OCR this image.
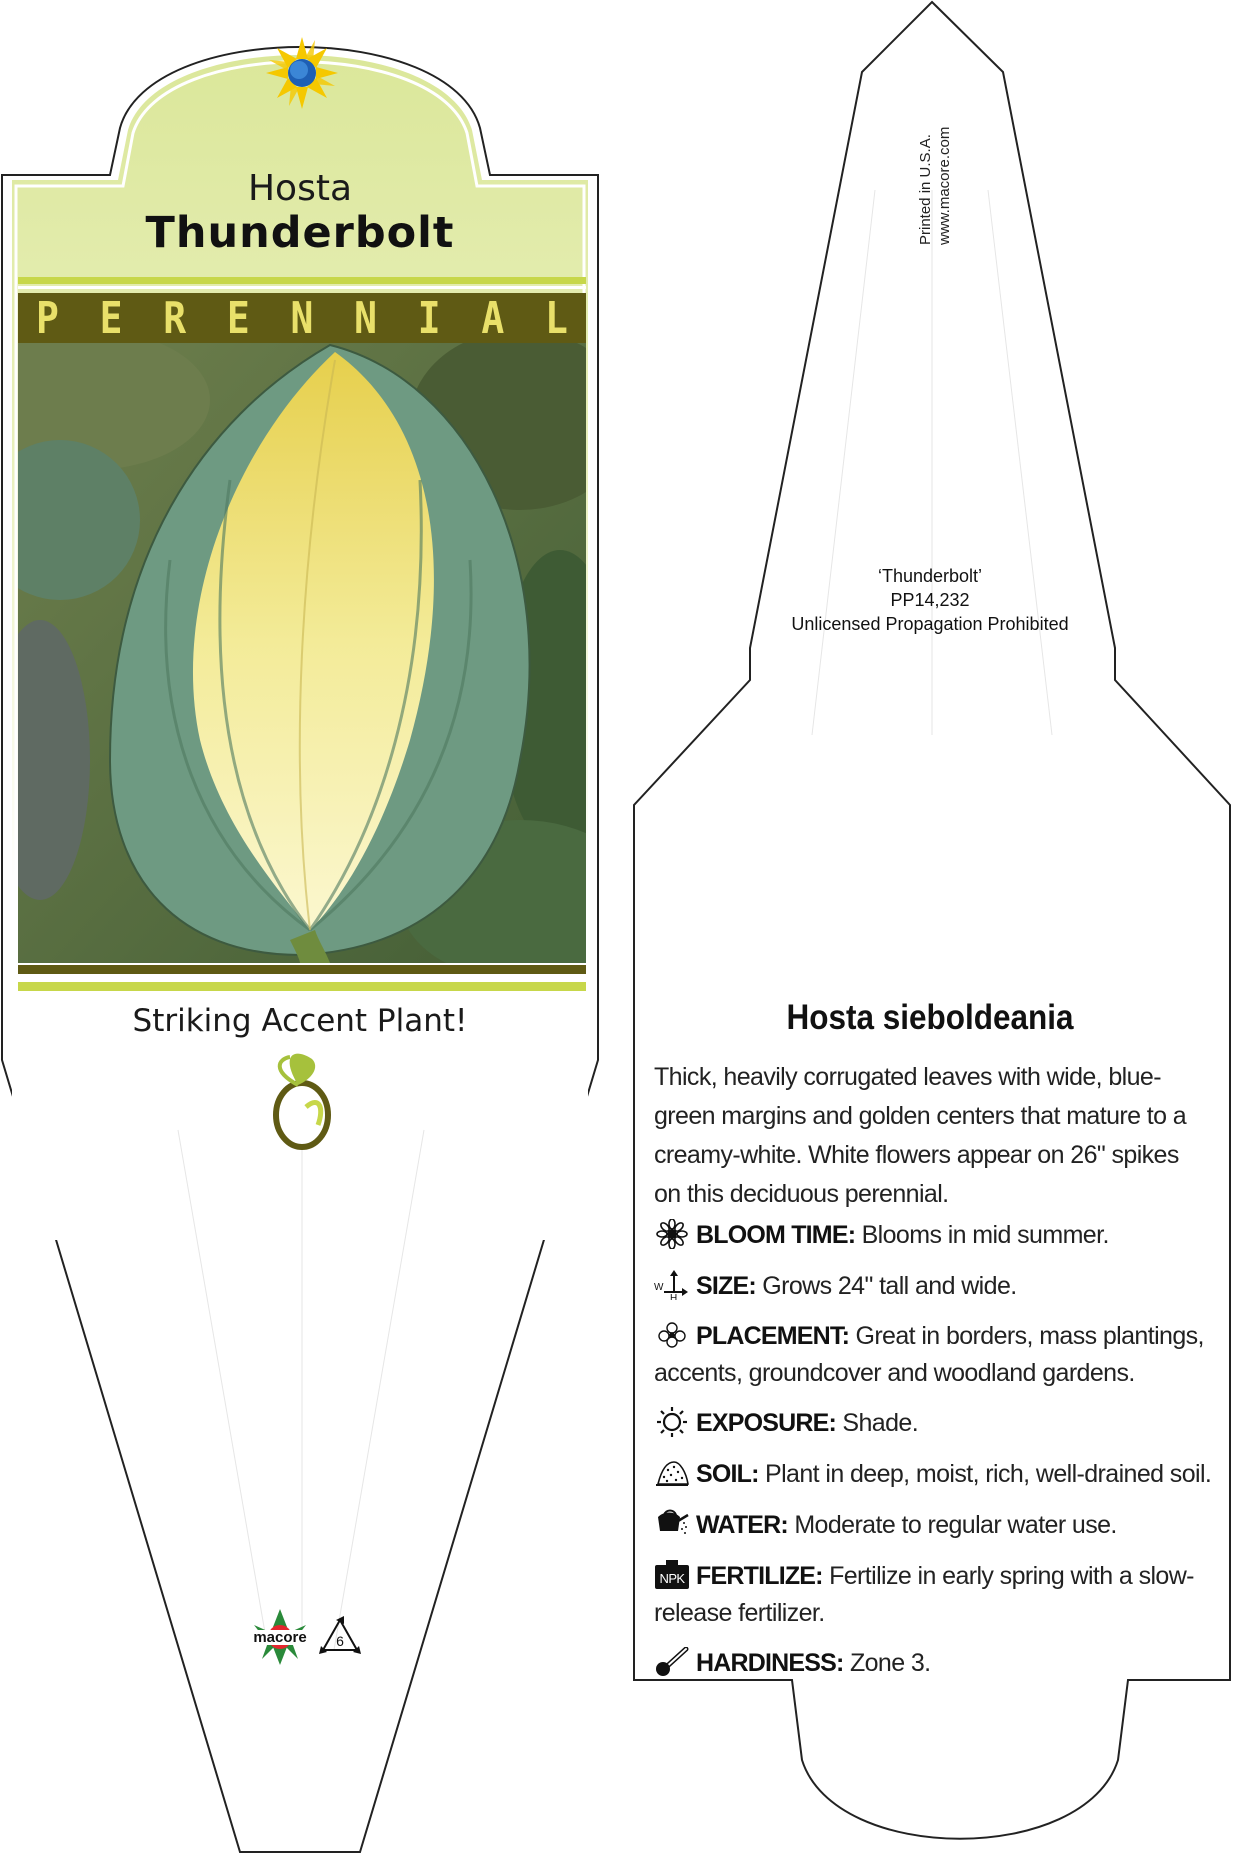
macore 6
Hosta
Thunderbolt
P E R E N N I A L
Striking Accent Plant!
Printed in U.S.A. www.macore.com
‘Thunderbolt’
PP14,232
Unlicensed Propagation Prohibited
Hosta sieboldeania
Thick, heavily corrugated leaves with wide, blue-green margins and golden centers that mature to a creamy-white. White flowers appear on 26" spikes on this deciduous perennial.
BLOOM TIME: Blooms in mid summer.
W
H SIZE: Grows 24" tall and wide.
PLACEMENT: Great in borders, mass plantings, accents, groundcover and woodland gardens.
EXPOSURE: Shade.
SOIL: Plant in deep, moist, rich, well-drained soil.
WATER: Moderate to regular water use.
NPK FERTILIZE: Fertilize in early spring with a slow-release fertilizer.
HARDINESS: Zone 3.
